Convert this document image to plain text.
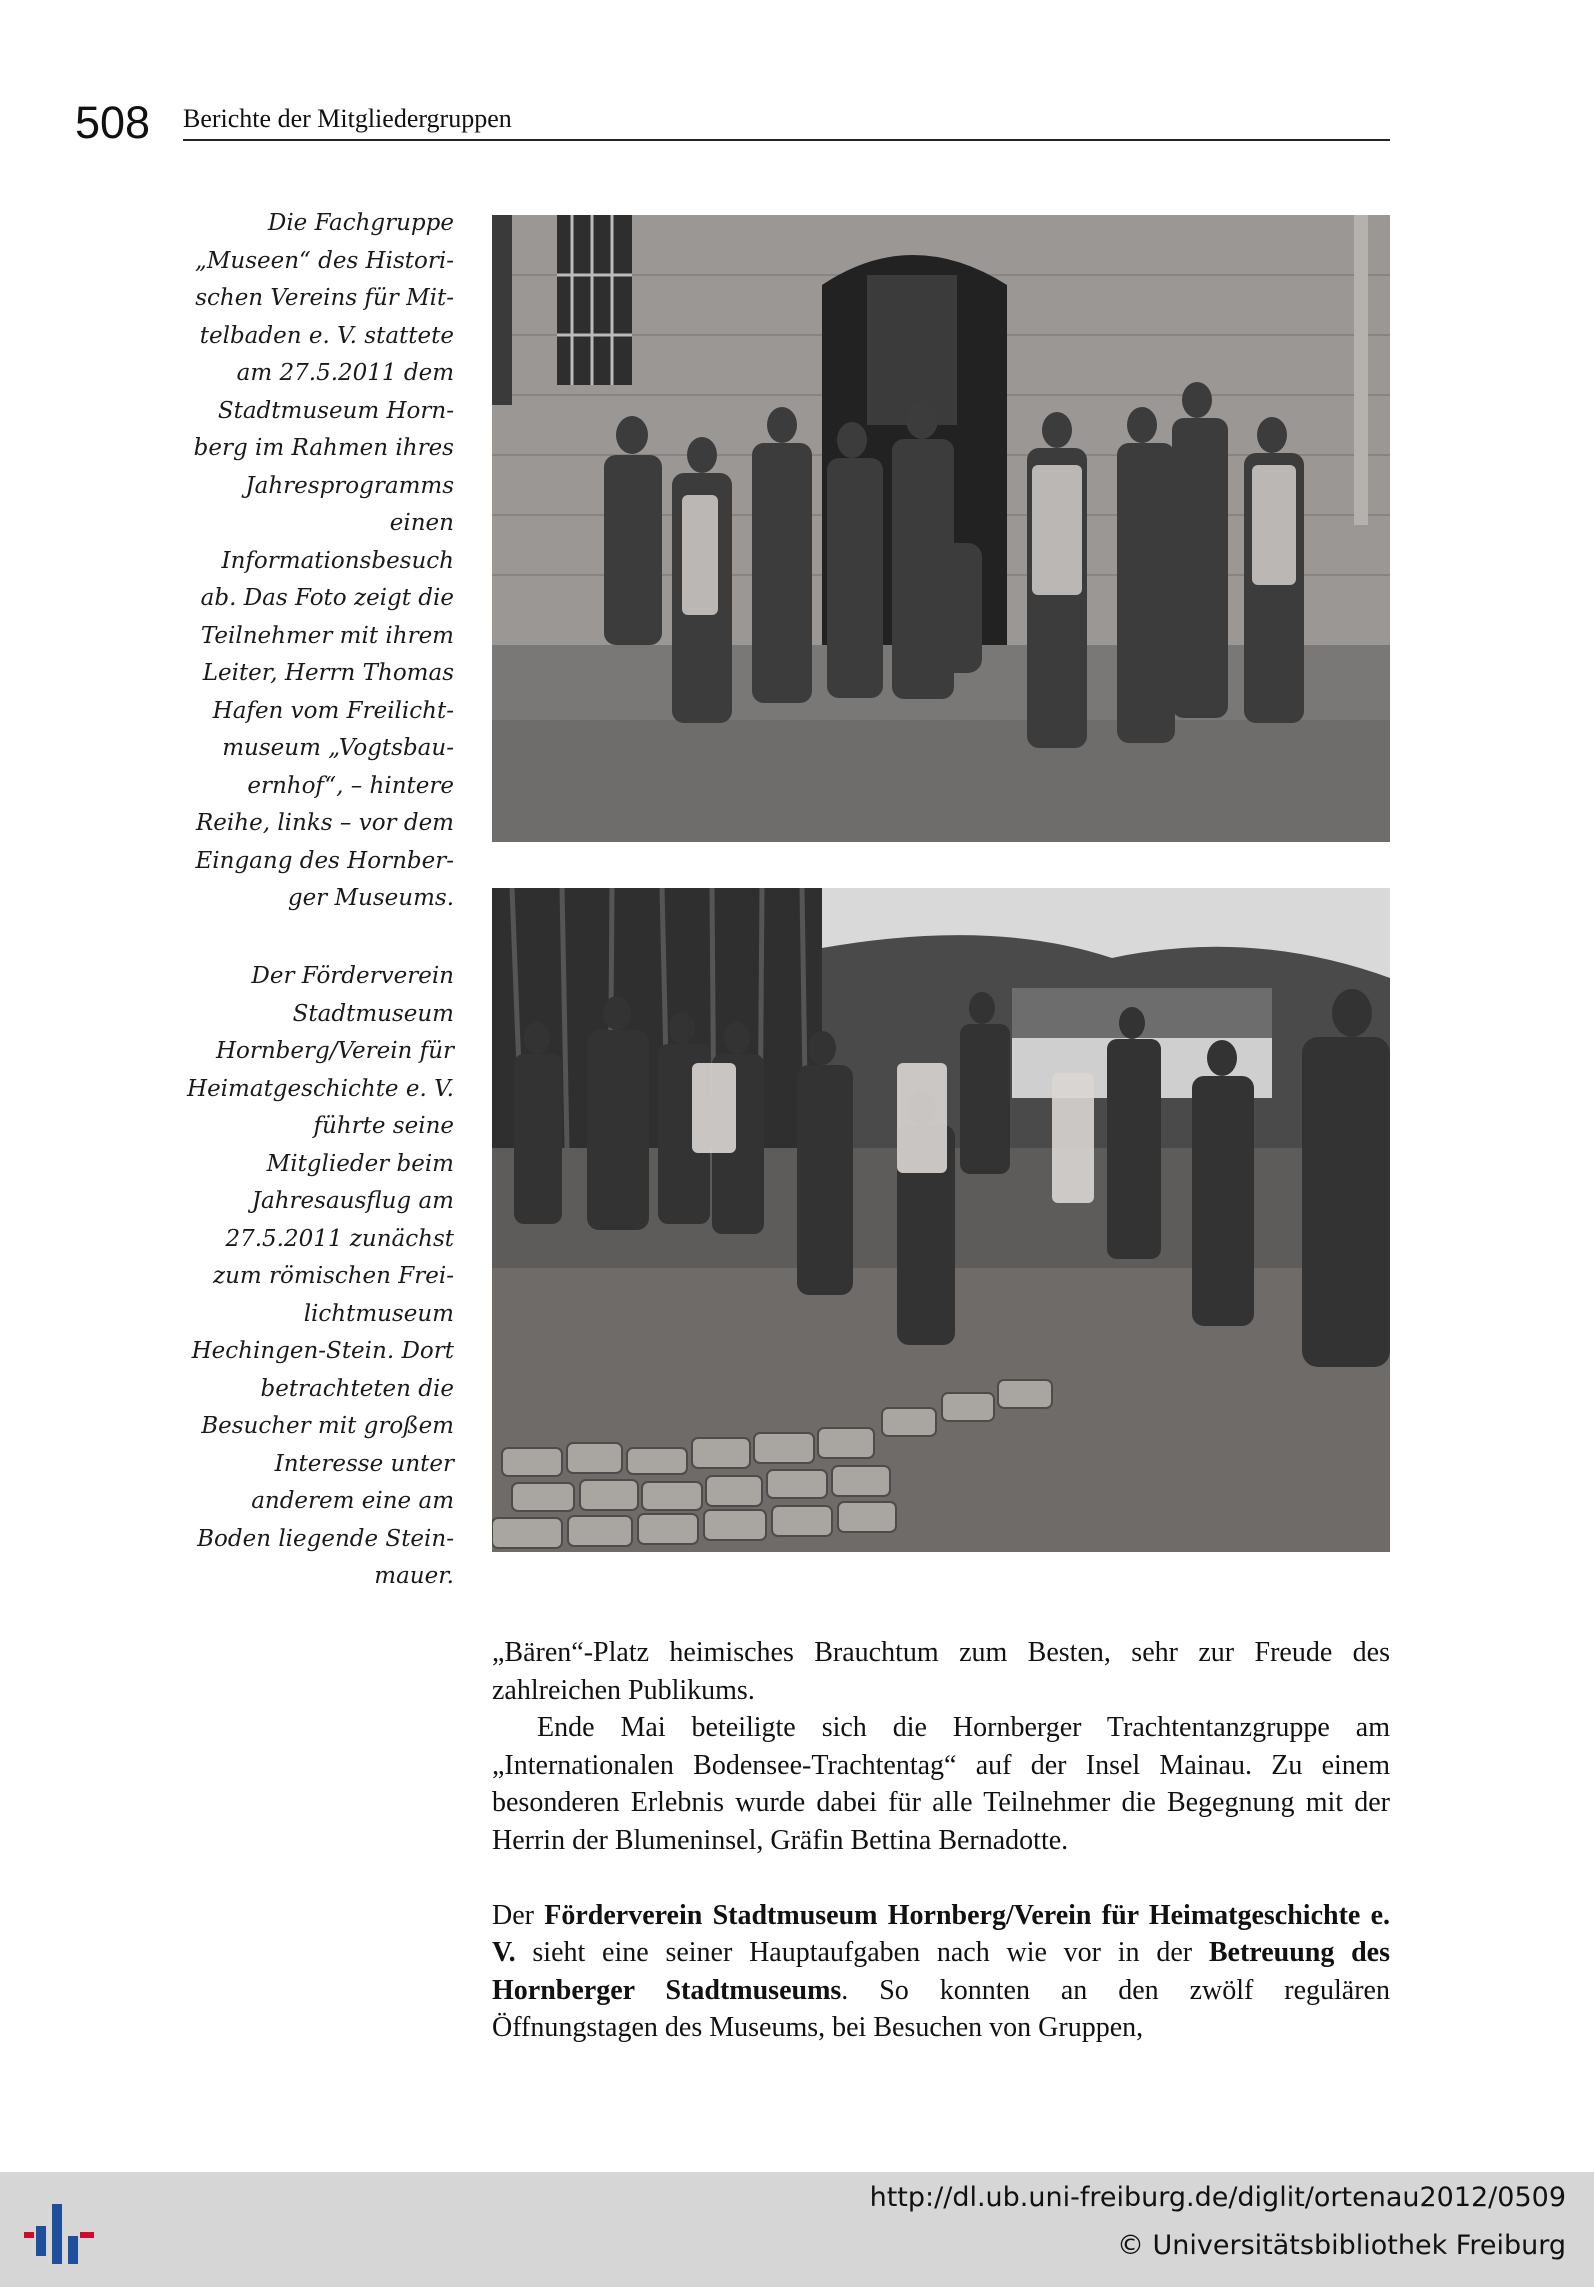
508 Berichte der Mitgliedergruppen

Die Fachgruppe „Museen“ des Historischen Vereins für Mittelbaden e. V. stattete am 27.5.2011 dem Stadtmuseum Hornberg im Rahmen ihres Jahresprogramms einen Informationsbesuch ab. Das Foto zeigt die Teilnehmer mit ihrem Leiter, Herrn Thomas Hafen vom Freilichtmuseum „Vogtsbauernhof“, – hintere Reihe, links – vor dem Eingang des Hornberger Museums.

Der Förderverein Stadtmuseum Hornberg/Verein für Heimatgeschichte e. V. führte seine Mitglieder beim Jahresausflug am 27.5.2011 zunächst zum römischen Freilichtmuseum Hechingen-Stein. Dort betrachteten die Besucher mit großem Interesse unter anderem eine am Boden liegende Steinmauer.

„Bären“-Platz heimisches Brauchtum zum Besten, sehr zur Freude des zahlreichen Publikums.

Ende Mai beteiligte sich die Hornberger Trachtentanzgruppe am „Internationalen Bodensee-Trachtentag“ auf der Insel Mainau. Zu einem besonderen Erlebnis wurde dabei für alle Teilnehmer die Begegnung mit der Herrin der Blumeninsel, Gräfin Bettina Bernadotte.

Der Förderverein Stadtmuseum Hornberg/Verein für Heimatgeschichte e. V. sieht eine seiner Hauptaufgaben nach wie vor in der Betreuung des Hornberger Stadtmuseums. So konnten an den zwölf regulären Öffnungstagen des Museums, bei Besuchen von Gruppen,

http://dl.ub.uni-freiburg.de/diglit/ortenau2012/0509
© Universitätsbibliothek Freiburg
